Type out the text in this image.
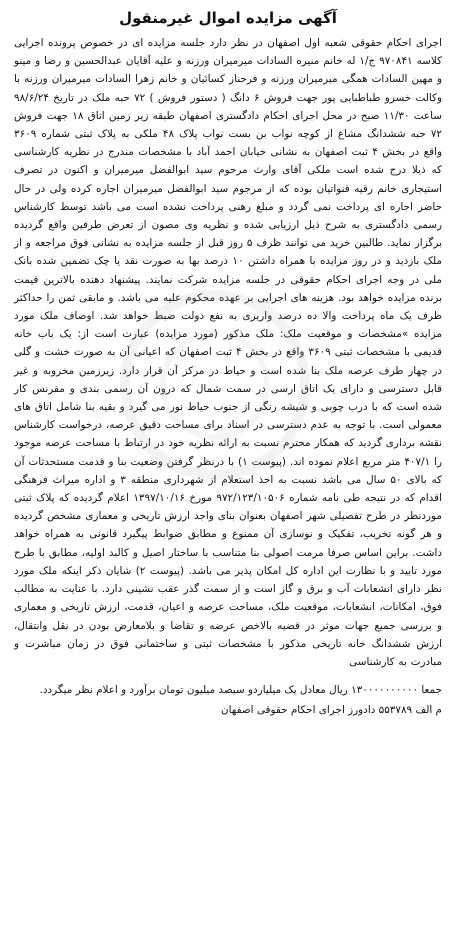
آگهی مزایده اموال غیرمنقول
اجرای احکام حقوقی شعبه اول اصفهان در نظر دارد جلسه مزایده ای در خصوص پرونده اجرایی کلاسه ۹۷۰۸۴۱ ج/۱ له خانم منیره السادات میرمیران ورزنه و علیه آقایان عبدالحسین و رضا و مینو و مهین السادات همگی میرمیران ورزنه و فرحناز کسائیان و خانم زهرا السادات میرمیران ورزنه با وکالت خسرو طباطبایی پور جهت فروش ۶ دانگ ( دستور فروش ) ۷۲ حبه ملک در تاریخ ۹۸/۶/۲۴ ساعت ۱۱/۳۰ صبح در محل اجرای احکام دادگستری اصفهان طبقه زیر زمین اتاق ۱۸ جهت فروش ۷۲ حبه ششدانگ مشاع از کوچه نواب بن بست نواب پلاک ۴۸ ملکی به پلاک ثبتی شماره ۳۶۰۹ واقع در بخش ۴ ثبت اصفهان به نشانی خیابان احمد آباد با مشخصات مندرج در نظریه کارشناسی که ذیلا درج شده است ملکی آقای وارث مرحوم سید ابوالفضل میرمیران و اکنون در تصرف استیجاری خانم رقیه قنواتیان بوده که از مرجوم سید ابوالفضل میرمیران اجاره کرده ولی در حال حاضر اجاره ای پرداخت نمی گردد و مبلغ رهنی پرداخت نشده است می باشد توسط کارشناس رسمی دادگستری به شرح ذیل ارزیابی شده و نظریه وی مصون از تعرض طرفین واقع گردیده برگزار نماید. طالبین خرید می توانند ظرف ۵ روز قبل از جلسه مزایده به نشانی فوق مراجعه و از ملک بازدید و در روز مزایده با همراه داشتن ۱۰ درصد بها به صورت نقد یا چک تضمین شده بانک ملی در وجه اجرای احکام حقوقی در جلسه مزایده شرکت نمایند. پیشنهاد دهنده بالاترین قیمت برنده مزایده خواهد بود. هزینه های اجرایی بر عهده محکوم علیه می باشد. و مابقی ثمن را حداکثر ظرف یک ماه پرداخت والا ده درصد واریزی به نفع دولت ضبط خواهد شد. اوصاف ملک مورد مزایده »مشخصات و موقعیت ملک: ملک مذکور (مورد مزایده) عبارت است از: یک باب خانه قدیمی با مشخصات ثبتی ۳۶۰۹ واقع در بخش ۴ ثبت اصفهان که اعیانی آن به صورت خشت و گلی در چهار طرف عرصه ملک بنا شده است و حیاط در مرکز آن قرار دارد. زیرزمین مخروبه و غیر قابل دسترسی و دارای یک اتاق ارسی در سمت شمال که درون آن رسمی بندی و مقرنس کار شده است که با درب چوبی و شیشه رنگی از جنوب حیاط نور می گیرد و بقیه بنا شامل اتاق های معمولی است. با توجه به عدم دسترسی در اسناد برای مساحت دقیق عرصه، درخواست کارشناس نقشه برداری گردید که همکار محترم نسبت به ارائه نظریه خود در ارتباط با مساحت عرصه موجود را ۴۰۷/۱ متر مربع اعلام نموده اند. (پیوست ۱) با درنظر گرفتن وضعیت بنا و قدمت مستحدثات آن که بالای ۵۰ سال می باشد نسبت به اخذ استعلام از شهرداری منطقه ۳ و اداره میراث فرهنگی اقدام که در نتیجه طی نامه شماره ۹۷۲/۱۲۳/۱۰۵۰۶ مورخ ۱۳۹۷/۱۰/۱۶ اعلام گردیده که پلاک ثبتی موردنظر در طرح تفصیلی شهر اصفهان بعنوان بنای واجد ارزش تاریخی و معماری مشخص گردیده و هر گونه تخریب، تفکیک و نوسازی آن ممنوع و مطابق ضوابط پیگیرد قانونی به همراه خواهد داشت. براین اساس صرفا مرمت اصولی بنا متناسب با ساختار اصیل و کالبد اولیه، مطابق با طرح مورد تایید و با نظارت این اداره کل امکان پذیر می باشد. (پیوست ۲) شایان ذکر اینکه ملک مورد نظر دارای انشعابات آب و برق و گاز است و از سمت گذر عقب نشینی دارد. با عنایت به مطالب فوق، امکانات، انشعابات، موقعیت ملک، مساحت عرصه و اعیان، قدمت، ارزش تاریخی و معماری و بررسی جمیع جهات موثر در قضیه بالاخص عرضه و تقاضا و بلامعارض بودن در نقل وانتقال، ارزش ششدانگ خانه تاریخی مذکور با مشخصات ثبتی و ساختمانی فوق در زمان مباشرت و مبادرت به کارشناسی
جمعا ۱۳۰۰۰۰۰۰۰۰۰۰ ریال معادل یک میلیاردو سیصد میلیون تومان برآورد و اعلام نظر میگردد.
م الف ۵۵۳۷۸۹ دادورز اجرای احکام حقوقی اصفهان
